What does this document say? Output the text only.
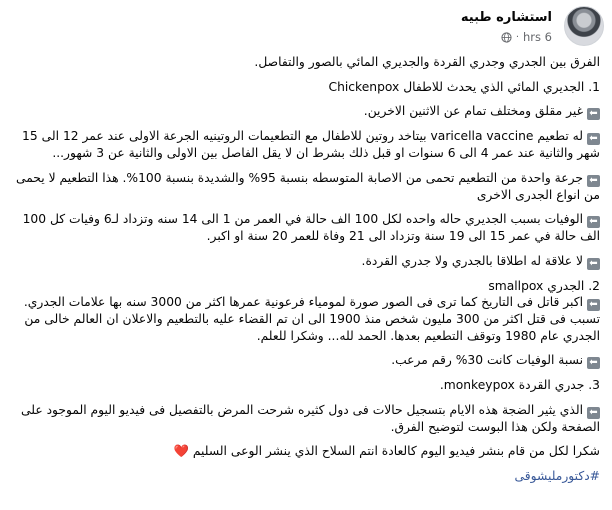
استشاره طبيه
6 hrs
·

الفرق بين الجدري وجدري القردة والجديري المائي بالصور والتفاصل.

1. الجديري المائي الذي يحدث للاطفال Chickenpox

⬅غير مقلق ومختلف تمام عن الاثنين الاخرين.

⬅له تطعيم varicella vaccine بيتاخد روتين للاطفال مع التطعيمات الروتينيه الجرعة الاولى عند عمر 12 الى 15 شهر والثانية عند عمر 4 الى 6 سنوات او قبل ذلك بشرط ان لا يقل الفاصل بين الاولى والثانية عن 3 شهور...

⬅جرعة واحدة من التطعيم تحمى من الاصابة المتوسطه بنسبة 95% والشديدة بنسبة 100%. هذا التطعيم لا يحمى من انواع الجدرى الاخرى

⬅الوفيات بسبب الجديري حاله واحده لكل 100 الف حالة في العمر من 1 الى 14 سنه وتزداد لـ6 وفيات كل 100 الف حالة في عمر 15 الى 19 سنة وتزداد الى 21 وفاة للعمر 20 سنة او اكبر.

⬅لا علاقة له اطلاقا بالجدري ولا جدري القردة.

2. الجدري smallpox

⬅اكبر قاتل فى التاريخ كما ترى فى الصور صورة لمومياء فرعونية عمرها اكثر من 3000 سنه بها علامات الجدري.

تسبب فى قتل اكثر من 300 مليون شخص منذ 1900 الى ان تم القضاء عليه بالتطعيم والاعلان ان العالم خالى من الجدري عام 1980 وتوقف التطعيم بعدها. الحمد لله... وشكرا للعلم.

⬅نسبة الوفيات كانت 30% رقم مرعب.

3. جدري القردة monkeypox.

⬅الذي يثير الضجة هذه الايام بتسجيل حالات فى دول كثيره شرحت المرض بالتفصيل فى فيديو اليوم الموجود على الصفحة ولكن هذا البوست لتوضيح الفرق.

شكرا لكل من قام بنشر فيديو اليوم كالعادة انتم السلاح الذي ينشر الوعى السليم ❤️

#دكتورمليشوقى
